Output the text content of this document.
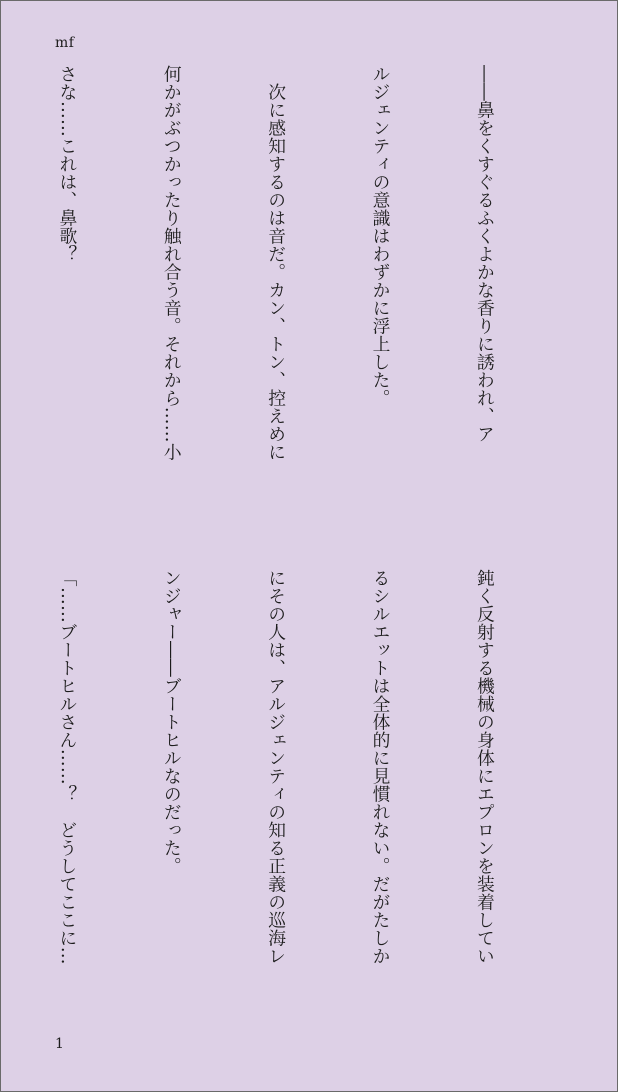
mf

――鼻をくすぐるふくよかな香りに誘われ、ア

ルジェンティの意識はわずかに浮上した。

　次に感知するのは音だ。カン、トン、控えめに

何かがぶつかったり触れ合う音。それから……小

さな……これは、鼻歌？

鈍く反射する機械の身体にエプロンを装着してい

るシルエットは全体的に見慣れない。だがたしか

にその人は、アルジェンティの知る正義の巡海レ

ンジャー――ブートヒルなのだった。

「……ブートヒルさん……？　どうしてここに…

1
